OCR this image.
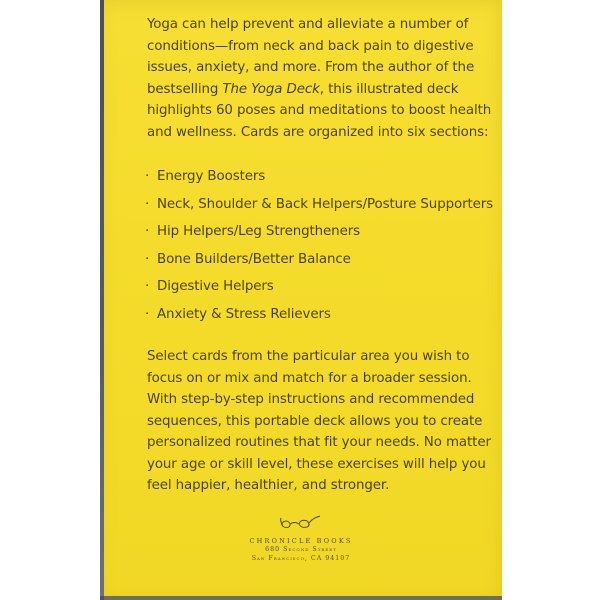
Yoga can help prevent and alleviate a number of conditions—from neck and back pain to digestive issues, anxiety, and more. From the author of the bestselling The Yoga Deck, this illustrated deck highlights 60 poses and meditations to boost health and wellness. Cards are organized into six sections:

· Energy Boosters
· Neck, Shoulder & Back Helpers/Posture Supporters
· Hip Helpers/Leg Strengtheners
· Bone Builders/Better Balance
· Digestive Helpers
· Anxiety & Stress Relievers

Select cards from the particular area you wish to focus on or mix and match for a broader session. With step-by-step instructions and recommended sequences, this portable deck allows you to create personalized routines that fit your needs. No matter your age or skill level, these exercises will help you feel happier, healthier, and stronger.

CHRONICLE BOOKS
680 Second Street
San Francisco, CA 94107
